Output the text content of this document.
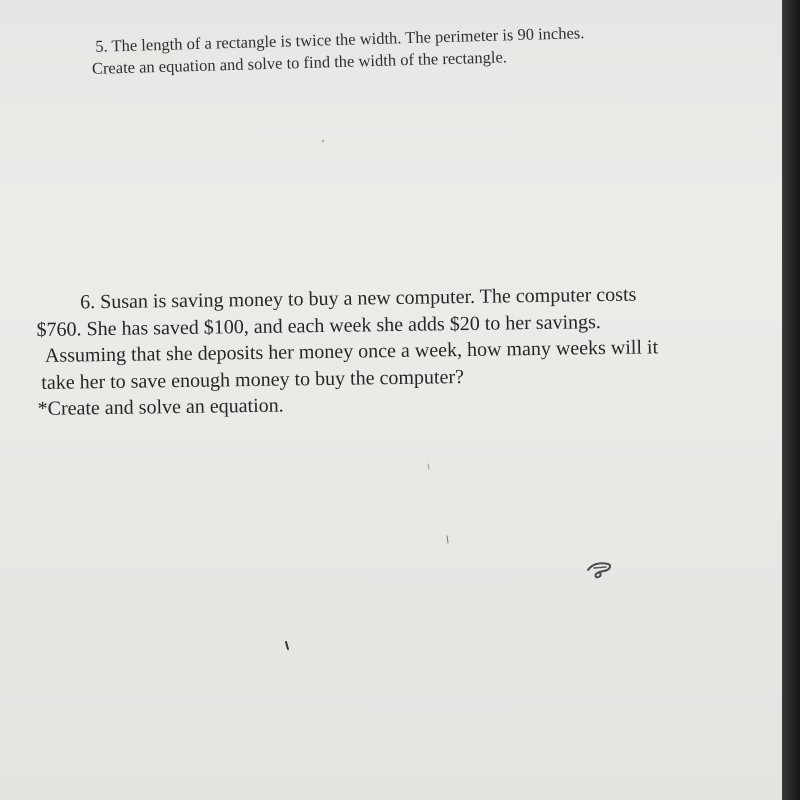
5. The length of a rectangle is twice the width. The perimeter is 90 inches.
Create an equation and solve to find the width of the rectangle.
6. Susan is saving money to buy a new computer. The computer costs
$760. She has saved $100, and each week she adds $20 to her savings.
Assuming that she deposits her money once a week, how many weeks will it
take her to save enough money to buy the computer?
*Create and solve an equation.
